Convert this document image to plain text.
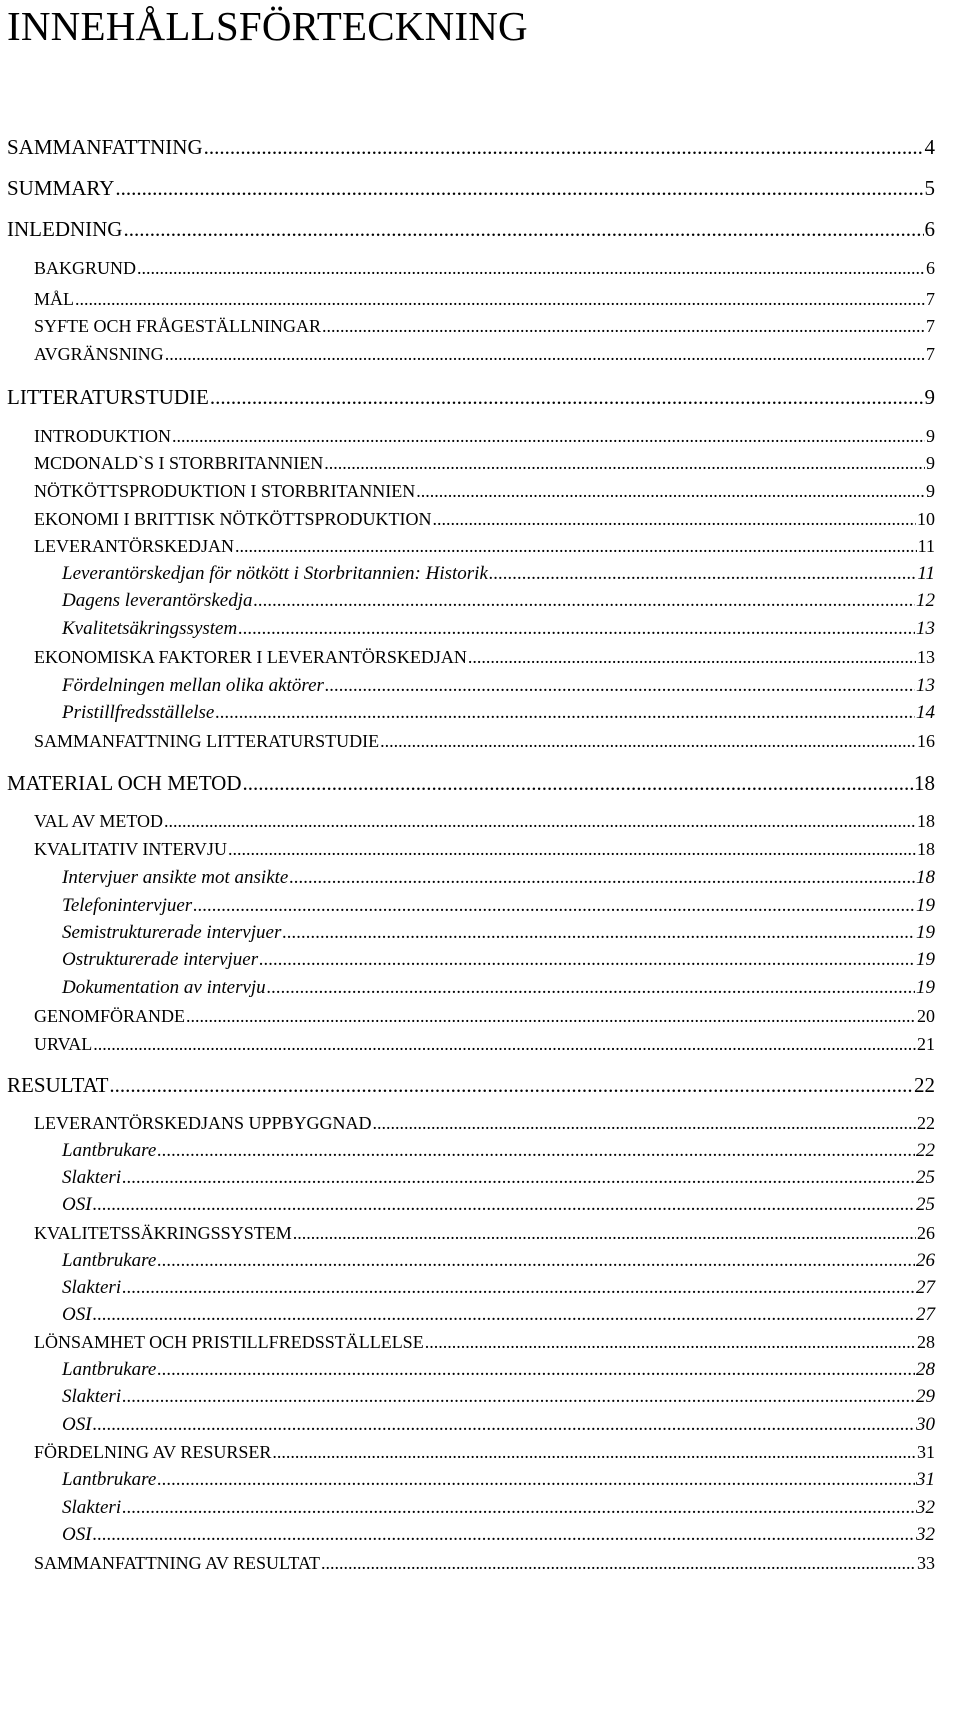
INNEHÅLLSFÖRTECKNING
SAMMANFATTNING .....	4
SUMMARY .....	5
INLEDNING .....	6
BAKGRUND .....	6
MÅL .....	7
SYFTE OCH FRÅGESTÄLLNINGAR .....	7
AVGRÄNSNING .....	7
LITTERATURSTUDIE .....	9
INTRODUKTION .....	9
MCDONALD`S I STORBRITANNIEN .....	9
NÖTKÖTTSPRODUKTION I STORBRITANNIEN .....	9
EKONOMI I BRITTISK NÖTKÖTTSPRODUKTION .....	10
LEVERANTÖRSKEDJAN .....	11
Leverantörskedjan för nötkött i Storbritannien: Historik .....	11
Dagens leverantörskedja .....	12
Kvalitetsäkringssystem .....	13
EKONOMISKA FAKTORER I LEVERANTÖRSKEDJAN .....	13
Fördelningen mellan olika aktörer .....	13
Pristillfredsställelse .....	14
SAMMANFATTNING LITTERATURSTUDIE .....	16
MATERIAL OCH METOD .....	18
VAL AV METOD .....	18
KVALITATIV INTERVJU .....	18
Intervjuer ansikte mot ansikte .....	18
Telefonintervjuer .....	19
Semistrukturerade intervjuer .....	19
Ostrukturerade intervjuer .....	19
Dokumentation av intervju .....	19
GENOMFÖRANDE .....	20
URVAL .....	21
RESULTAT .....	22
LEVERANTÖRSKEDJANS UPPBYGGNAD .....	22
Lantbrukare .....	22
Slakteri .....	25
OSI .....	25
KVALITETSSÄKRINGSSYSTEM .....	26
Lantbrukare .....	26
Slakteri .....	27
OSI .....	27
LÖNSAMHET OCH PRISTILLFREDSSTÄLLELSE .....	28
Lantbrukare .....	28
Slakteri .....	29
OSI .....	30
FÖRDELNING AV RESURSER .....	31
Lantbrukare .....	31
Slakteri .....	32
OSI .....	32
SAMMANFATTNING AV RESULTAT .....	33
